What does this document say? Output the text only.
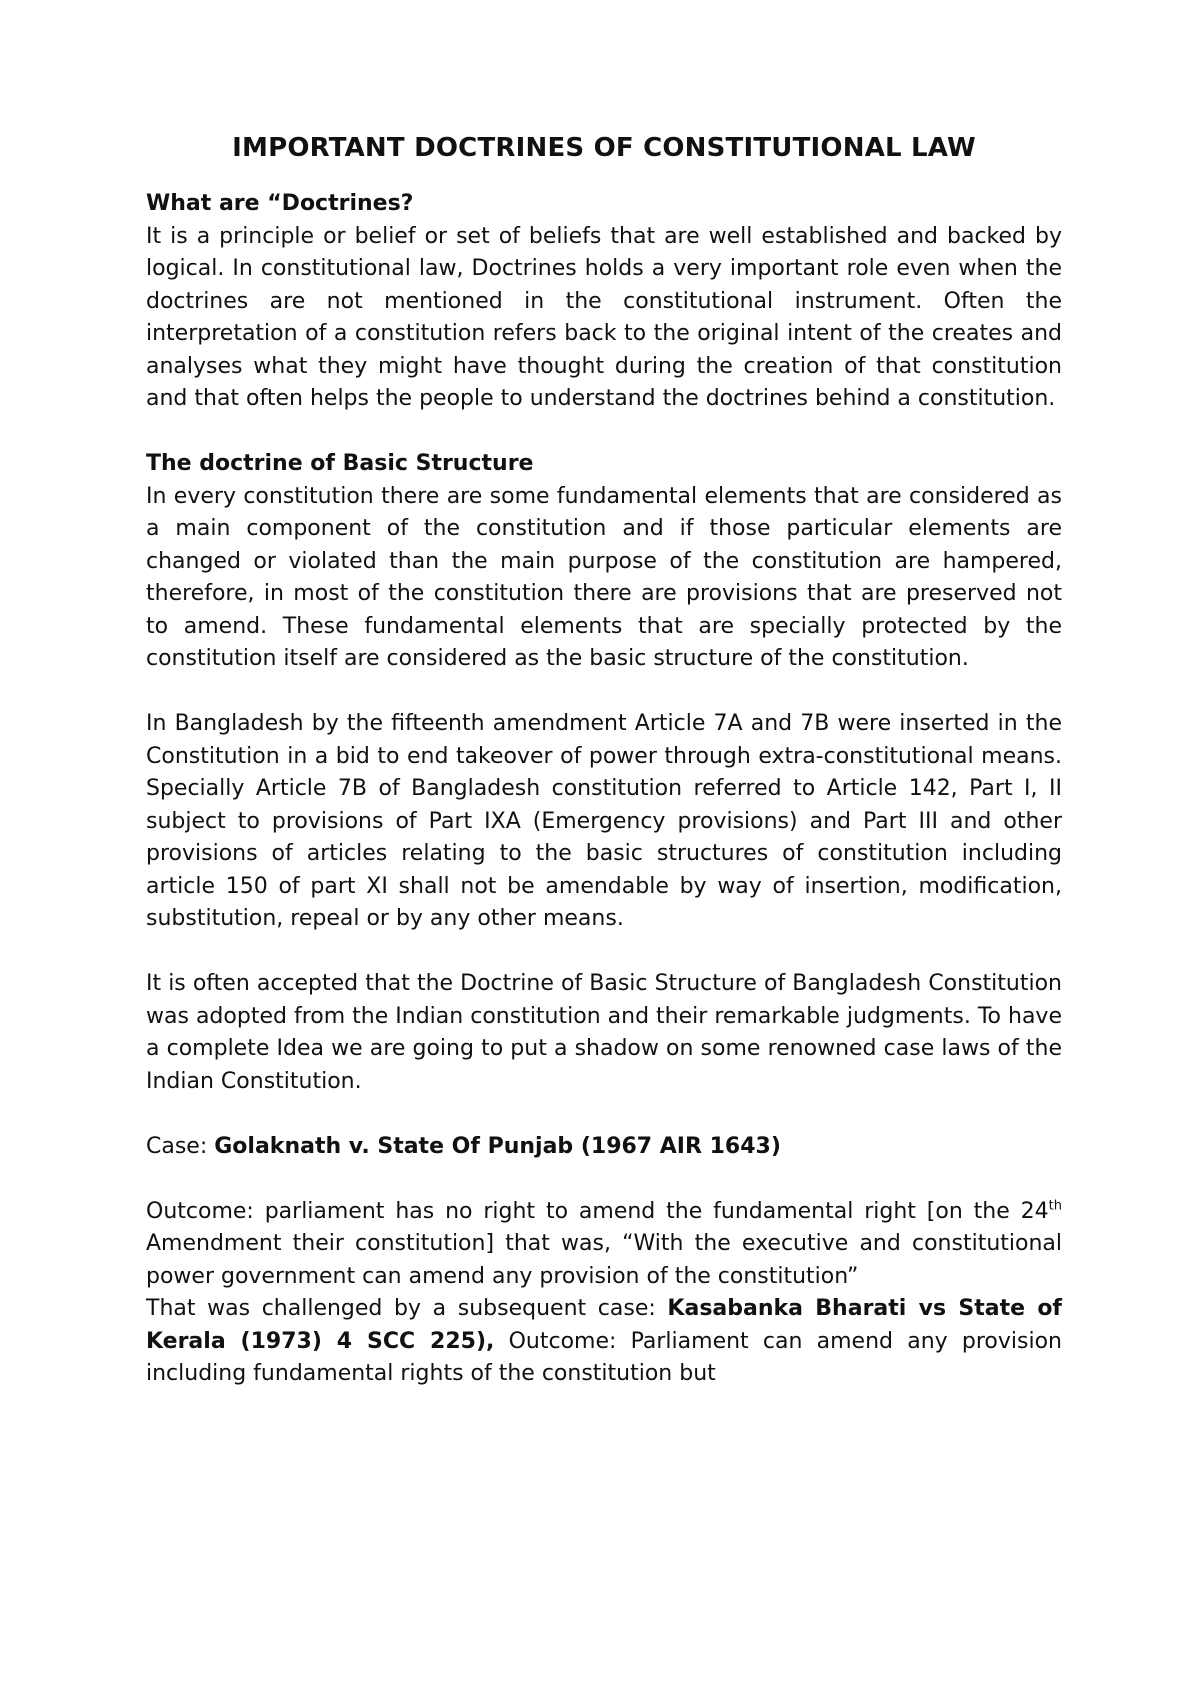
IMPORTANT DOCTRINES OF CONSTITUTIONAL LAW
What are “Doctrines?

It is a principle or belief or set of beliefs that are well established and backed by logical. In constitutional law, Doctrines holds a very important role even when the doctrines are not mentioned in the constitutional instrument. Often the interpretation of a constitution refers back to the original intent of the creates and analyses what they might have thought during the creation of that constitution and that often helps the people to understand the doctrines behind a constitution.

The doctrine of Basic Structure

In every constitution there are some fundamental elements that are considered as a main component of the constitution and if those particular elements are changed or violated than the main purpose of the constitution are hampered, therefore, in most of the constitution there are provisions that are preserved not to amend. These fundamental elements that are specially protected by the constitution itself are considered as the basic structure of the constitution.

In Bangladesh by the fifteenth amendment Article 7A and 7B were inserted in the Constitution in a bid to end takeover of power through extra-constitutional means. Specially Article 7B of Bangladesh constitution referred to Article 142, Part I, II subject to provisions of Part IXA (Emergency provisions) and Part III and other provisions of articles relating to the basic structures of constitution including article 150 of part XI shall not be amendable by way of insertion, modification, substitution, repeal or by any other means.

It is often accepted that the Doctrine of Basic Structure of Bangladesh Constitution was adopted from the Indian constitution and their remarkable judgments. To have a complete Idea we are going to put a shadow on some renowned case laws of the Indian Constitution.

Case: Golaknath v. State Of Punjab (1967 AIR 1643)

Outcome: parliament has no right to amend the fundamental right [on the 24th Amendment their constitution] that was, “With the executive and constitutional power government can amend any provision of the constitution”

That was challenged by a subsequent case: Kasabanka Bharati vs State of Kerala (1973) 4 SCC 225), Outcome: Parliament can amend any provision including fundamental rights of the constitution but
